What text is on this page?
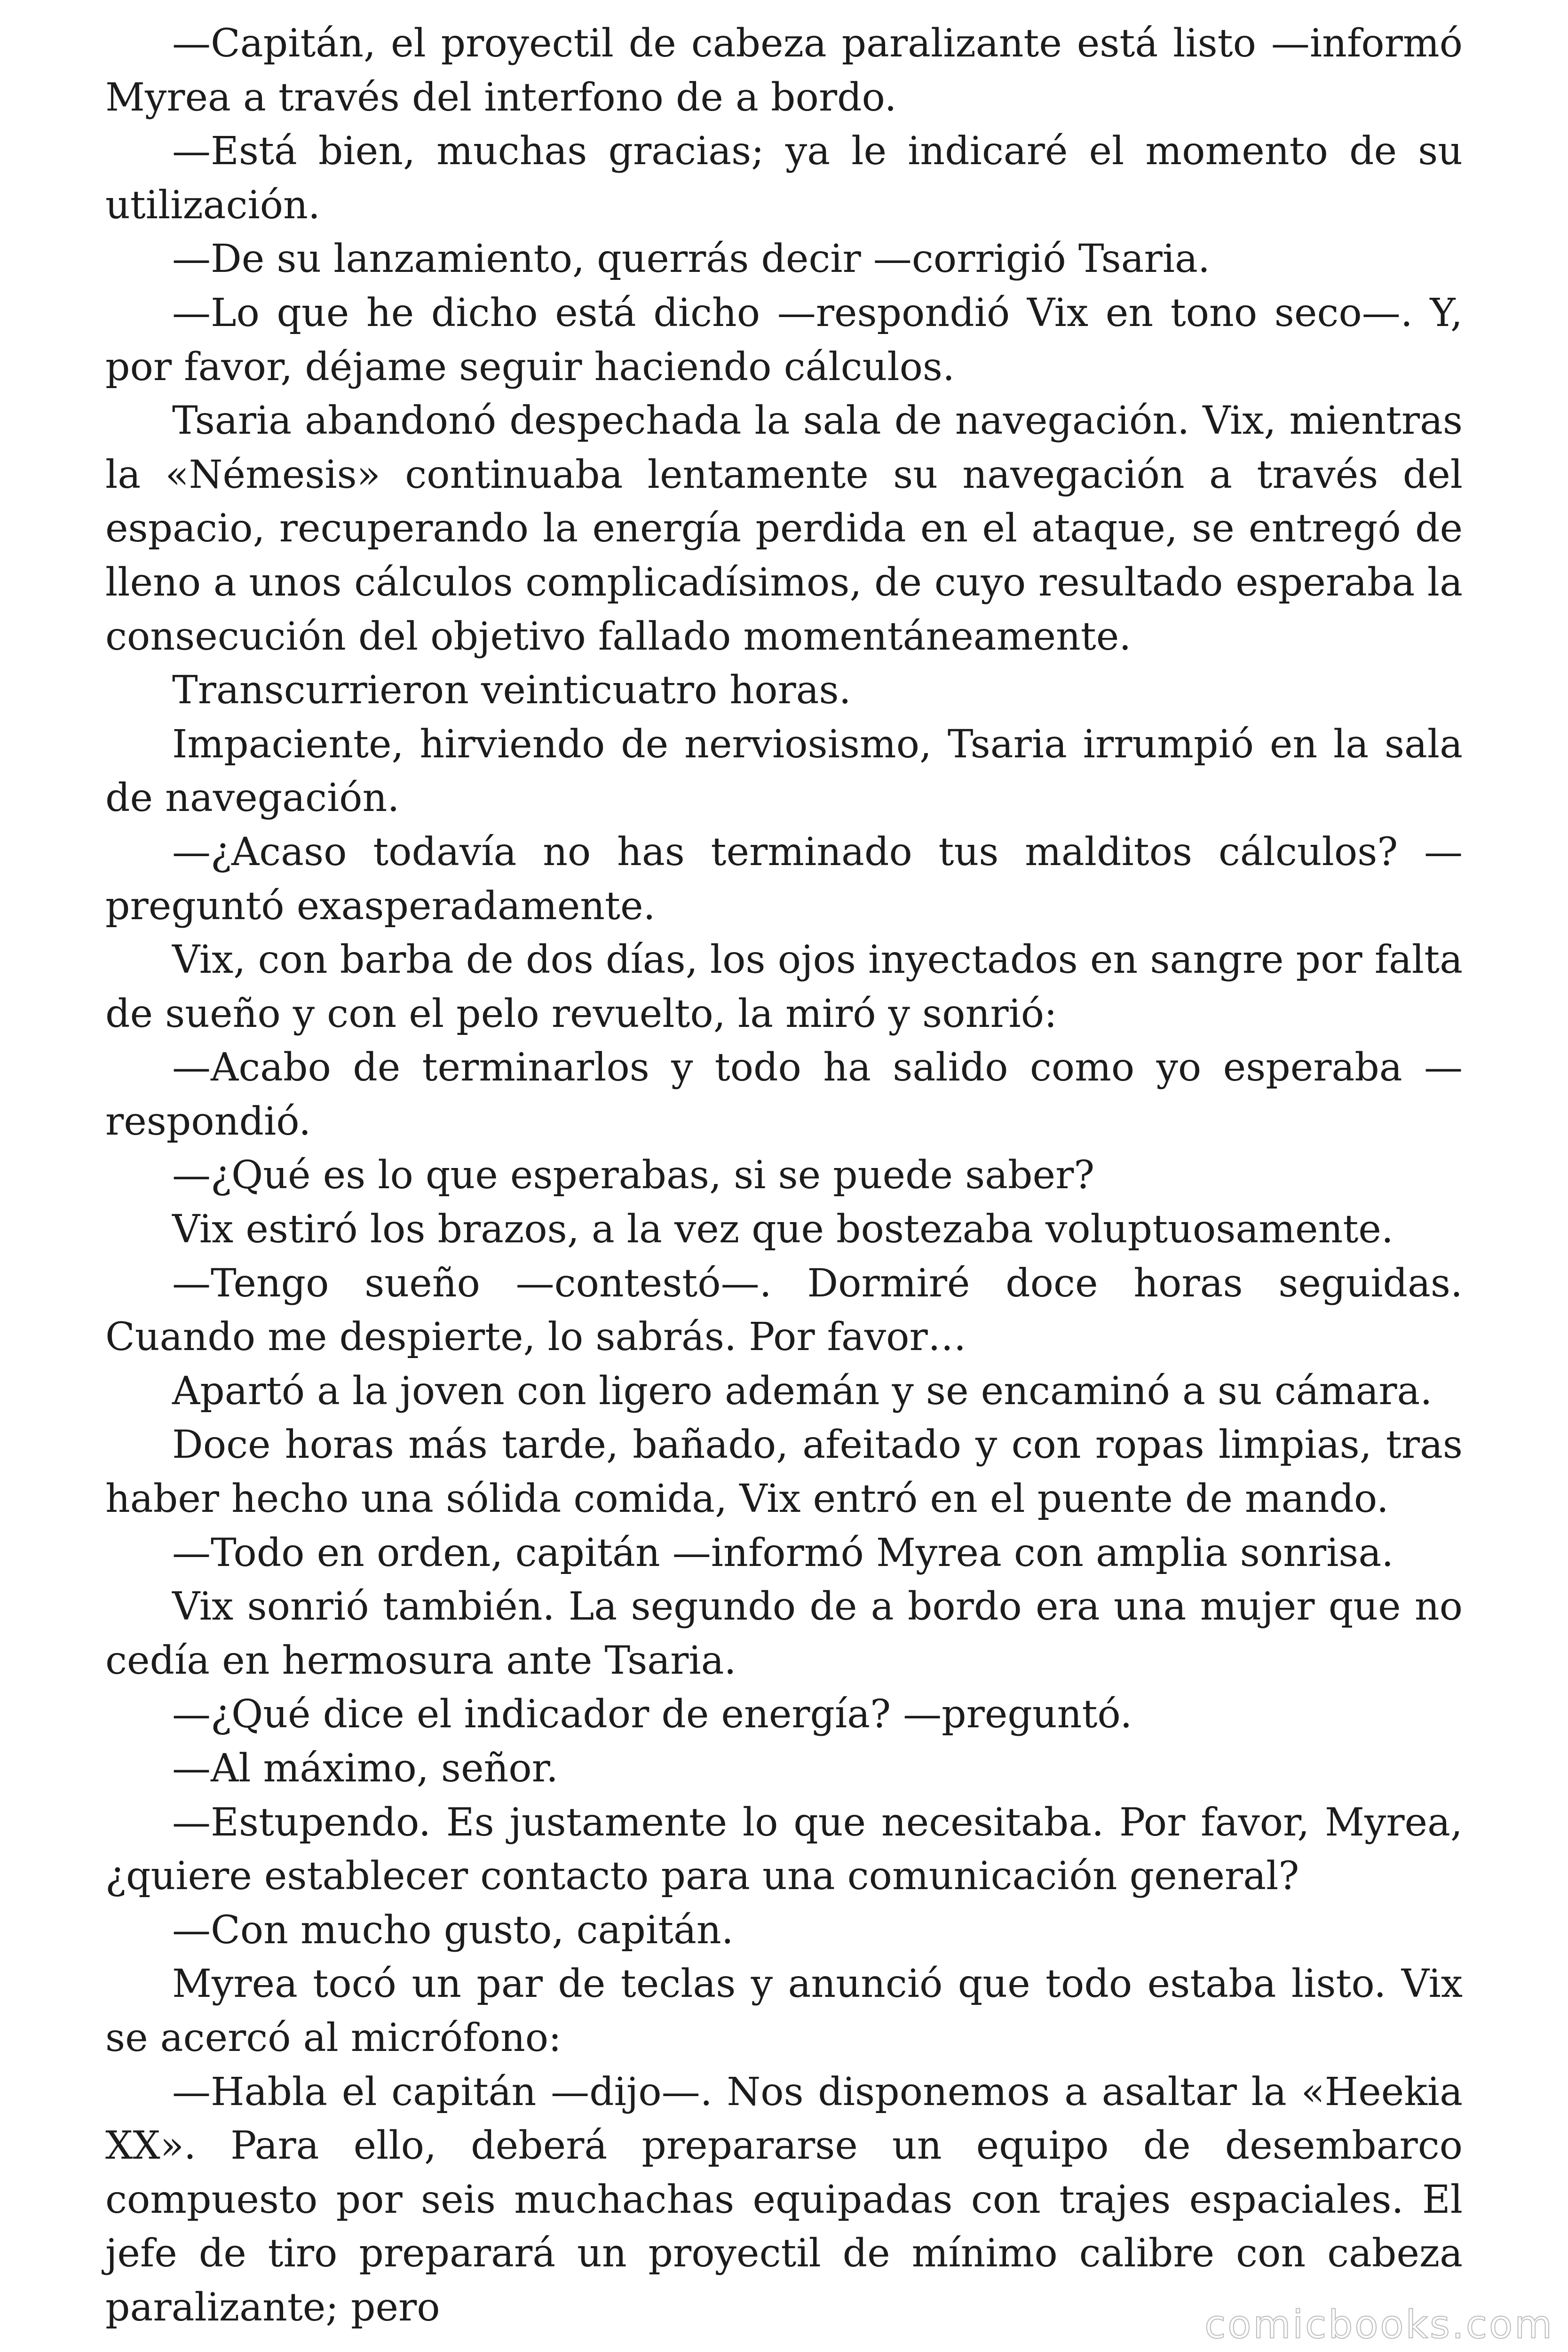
—Capitán, el proyectil de cabeza paralizante está listo —informó Myrea a través del interfono de a bordo.

—Está bien, muchas gracias; ya le indicaré el momento de su utilización.

—De su lanzamiento, querrás decir —corrigió Tsaria.

—Lo que he dicho está dicho —respondió Vix en tono seco—. Y, por favor, déjame seguir haciendo cálculos.

Tsaria abandonó despechada la sala de navegación. Vix, mientras la «Némesis» continuaba lentamente su navegación a través del espacio, recuperando la energía perdida en el ataque, se entregó de lleno a unos cálculos complicadísimos, de cuyo resultado esperaba la consecución del objetivo fallado momentáneamente.

Transcurrieron veinticuatro horas.

Impaciente, hirviendo de nerviosismo, Tsaria irrumpió en la sala de navegación.

—¿Acaso todavía no has terminado tus malditos cálculos? —preguntó exasperadamente.

Vix, con barba de dos días, los ojos inyectados en sangre por falta de sueño y con el pelo revuelto, la miró y sonrió:

—Acabo de terminarlos y todo ha salido como yo esperaba —respondió.

—¿Qué es lo que esperabas, si se puede saber?

Vix estiró los brazos, a la vez que bostezaba voluptuosamente.

—Tengo sueño —contestó—. Dormiré doce horas seguidas. Cuando me despierte, lo sabrás. Por favor…

Apartó a la joven con ligero ademán y se encaminó a su cámara.

Doce horas más tarde, bañado, afeitado y con ropas limpias, tras haber hecho una sólida comida, Vix entró en el puente de mando.

—Todo en orden, capitán —informó Myrea con amplia sonrisa.

Vix sonrió también. La segundo de a bordo era una mujer que no cedía en hermosura ante Tsaria.

—¿Qué dice el indicador de energía? —preguntó.

—Al máximo, señor.

—Estupendo. Es justamente lo que necesitaba. Por favor, Myrea, ¿quiere establecer contacto para una comunicación general?

—Con mucho gusto, capitán.

Myrea tocó un par de teclas y anunció que todo estaba listo. Vix se acercó al micrófono:

—Habla el capitán —dijo—. Nos disponemos a asaltar la «Heekia XX». Para ello, deberá prepararse un equipo de desembarco compuesto por seis muchachas equipadas con trajes espaciales. El jefe de tiro preparará un proyectil de mínimo calibre con cabeza paralizante; pero	comicbooks.com
